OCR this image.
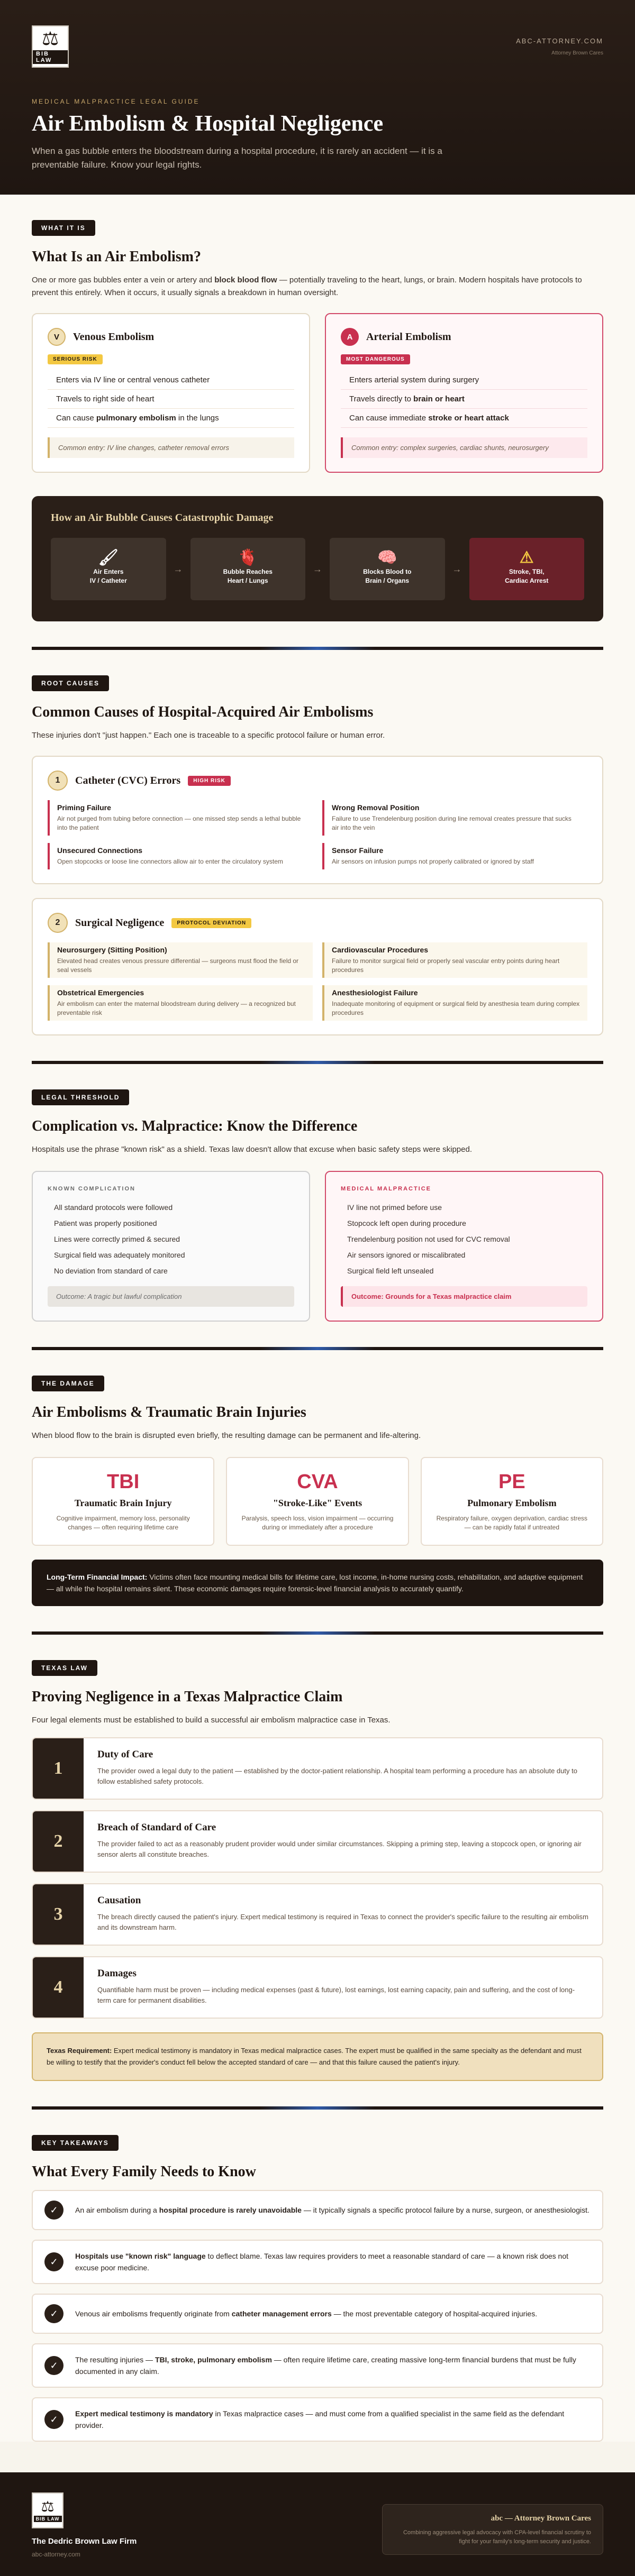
⚖
BIB LAW
ABC-ATTORNEY.COM
Attorney Brown Cares
MEDICAL MALPRACTICE LEGAL GUIDE
Air Embolism & Hospital Negligence

When a gas bubble enters the bloodstream during a hospital procedure, it is rarely an accident — it is a preventable failure. Know your legal rights.

WHAT IT IS
What Is an Air Embolism?

One or more gas bubbles enter a vein or artery and block blood flow — potentially traveling to the heart, lungs, or brain. Modern hospitals have protocols to prevent this entirely. When it occurs, it usually signals a breakdown in human oversight.

V	Venous Embolism
SERIOUS RISK
Enters via IV line or central venous catheter
Travels to right side of heart
Can cause pulmonary embolism in the lungs
Common entry: IV line changes, catheter removal errors
A	Arterial Embolism
MOST DANGEROUS
Enters arterial system during surgery
Travels directly to brain or heart
Can cause immediate stroke or heart attack
Common entry: complex surgeries, cardiac shunts, neurosurgery
How an Air Bubble Causes Catastrophic Damage
🖌
Air Enters
IV / Catheter
→
🫀
Bubble Reaches
Heart / Lungs
→
🧠
Blocks Blood to
Brain / Organs
→
⚠
Stroke, TBI,
Cardiac Arrest
ROOT CAUSES
Common Causes of Hospital-Acquired Air Embolisms

These injuries don't "just happen." Each one is traceable to a specific protocol failure or human error.

1	Catheter (CVC) Errors	HIGH RISK
Priming Failure
Air not purged from tubing before connection — one missed step sends a lethal bubble into the patient
Wrong Removal Position
Failure to use Trendelenburg position during line removal creates pressure that sucks air into the vein
Unsecured Connections
Open stopcocks or loose line connectors allow air to enter the circulatory system
Sensor Failure
Air sensors on infusion pumps not properly calibrated or ignored by staff
2	Surgical Negligence	PROTOCOL DEVIATION
Neurosurgery (Sitting Position)
Elevated head creates venous pressure differential — surgeons must flood the field or seal vessels
Cardiovascular Procedures
Failure to monitor surgical field or properly seal vascular entry points during heart procedures
Obstetrical Emergencies
Air embolism can enter the maternal bloodstream during delivery — a recognized but preventable risk
Anesthesiologist Failure
Inadequate monitoring of equipment or surgical field by anesthesia team during complex procedures
LEGAL THRESHOLD
Complication vs. Malpractice: Know the Difference

Hospitals use the phrase "known risk" as a shield. Texas law doesn't allow that excuse when basic safety steps were skipped.

KNOWN COMPLICATION
All standard protocols were followed
Patient was properly positioned
Lines were correctly primed & secured
Surgical field was adequately monitored
No deviation from standard of care
Outcome: A tragic but lawful complication
MEDICAL MALPRACTICE
IV line not primed before use
Stopcock left open during procedure
Trendelenburg position not used for CVC removal
Air sensors ignored or miscalibrated
Surgical field left unsealed
Outcome: Grounds for a Texas malpractice claim
THE DAMAGE
Air Embolisms & Traumatic Brain Injuries

When blood flow to the brain is disrupted even briefly, the resulting damage can be permanent and life-altering.

TBI
Traumatic Brain Injury
Cognitive impairment, memory loss, personality changes — often requiring lifetime care
CVA
"Stroke-Like" Events
Paralysis, speech loss, vision impairment — occurring during or immediately after a procedure
PE
Pulmonary Embolism
Respiratory failure, oxygen deprivation, cardiac stress — can be rapidly fatal if untreated
Long-Term Financial Impact: Victims often face mounting medical bills for lifetime care, lost income, in-home nursing costs, rehabilitation, and adaptive equipment — all while the hospital remains silent. These economic damages require forensic-level financial analysis to accurately quantify.
TEXAS LAW
Proving Negligence in a Texas Malpractice Claim

Four legal elements must be established to build a successful air embolism malpractice case in Texas.

1
Duty of Care

The provider owed a legal duty to the patient — established by the doctor-patient relationship. A hospital team performing a procedure has an absolute duty to follow established safety protocols.

2
Breach of Standard of Care

The provider failed to act as a reasonably prudent provider would under similar circumstances. Skipping a priming step, leaving a stopcock open, or ignoring air sensor alerts all constitute breaches.

3
Causation

The breach directly caused the patient's injury. Expert medical testimony is required in Texas to connect the provider's specific failure to the resulting air embolism and its downstream harm.

4
Damages

Quantifiable harm must be proven — including medical expenses (past & future), lost earnings, lost earning capacity, pain and suffering, and the cost of long-term care for permanent disabilities.

Texas Requirement: Expert medical testimony is mandatory in Texas medical malpractice cases. The expert must be qualified in the same specialty as the defendant and must be willing to testify that the provider's conduct fell below the accepted standard of care — and that this failure caused the patient's injury.
KEY TAKEAWAYS
What Every Family Needs to Know
✓	An air embolism during a hospital procedure is rarely unavoidable — it typically signals a specific protocol failure by a nurse, surgeon, or anesthesiologist.

✓

Hospitals use "known risk" language to deflect blame. Texas law requires providers to meet a reasonable standard of care — a known risk does not excuse poor medicine.

✓	Venous air embolisms frequently originate from catheter management errors — the most preventable category of hospital-acquired injuries.

✓

The resulting injuries — TBI, stroke, pulmonary embolism — often require lifetime care, creating massive long-term financial burdens that must be fully documented in any claim.

✓

Expert medical testimony is mandatory in Texas malpractice cases — and must come from a qualified specialist in the same field as the defendant provider.

⚖
BIB LAW
The Dedric Brown Law Firm
abc-attorney.com
abc — Attorney Brown Cares
Combining aggressive legal advocacy with CPA-level financial scrutiny to fight for your family's long-term security and justice.
